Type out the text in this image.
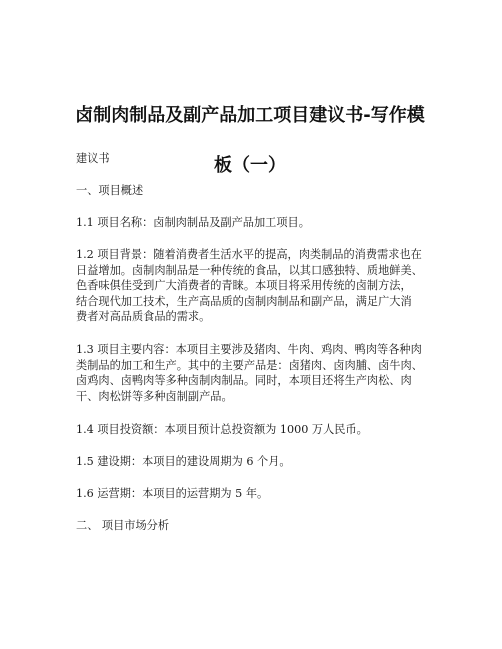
卤制肉制品及副产品加工项目建议书-写作模

板（一）

建议书
一、项目概述
1.1 项目名称：卤制肉制品及副产品加工项目。
1.2 项目背景：随着消费者生活水平的提高，肉类制品的消费需求也在
日益增加。卤制肉制品是一种传统的食品，以其口感独特、质地鲜美、
色香味俱佳受到广大消费者的青睐。本项目将采用传统的卤制方法，
结合现代加工技术，生产高品质的卤制肉制品和副产品，满足广大消
费者对高品质食品的需求。
1.3 项目主要内容：本项目主要涉及猪肉、牛肉、鸡肉、鸭肉等各种肉
类制品的加工和生产。其中的主要产品是：卤猪肉、卤肉脯、卤牛肉、
卤鸡肉、卤鸭肉等多种卤制肉制品。同时，本项目还将生产肉松、肉
干、肉松饼等多种卤制副产品。
1.4 项目投资额：本项目预计总投资额为 1000 万人民币。
1.5 建设期：本项目的建设周期为 6 个月。
1.6 运营期：本项目的运营期为 5 年。
二、 项目市场分析
